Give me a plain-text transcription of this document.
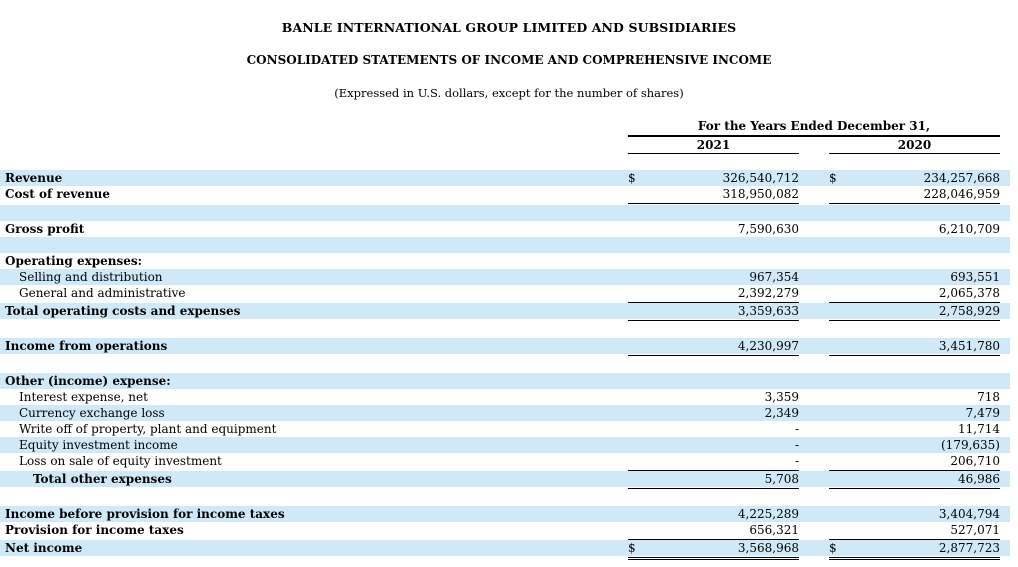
BANLE INTERNATIONAL GROUP LIMITED AND SUBSIDIARIES
CONSOLIDATED STATEMENTS OF INCOME AND COMPREHENSIVE INCOME
(Expressed in U.S. dollars, except for the number of shares)
For the Years Ended December 31,
2021	2020
Revenue	$	326,540,712	$	234,257,668
Cost of revenue	318,950,082	228,046,959
Gross profit	7,590,630	6,210,709
Operating expenses:
Selling and distribution	967,354	693,551
General and administrative	2,392,279	2,065,378
Total operating costs and expenses	3,359,633	2,758,929
Income from operations	4,230,997	3,451,780
Other (income) expense:
Interest expense, net	3,359	718
Currency exchange loss	2,349	7,479
Write off of property, plant and equipment	-	11,714
Equity investment income	-	(179,635)
Loss on sale of equity investment	-	206,710
Total other expenses	5,708	46,986
Income before provision for income taxes	4,225,289	3,404,794
Provision for income taxes	656,321	527,071
Net income	$	3,568,968	$	2,877,723
